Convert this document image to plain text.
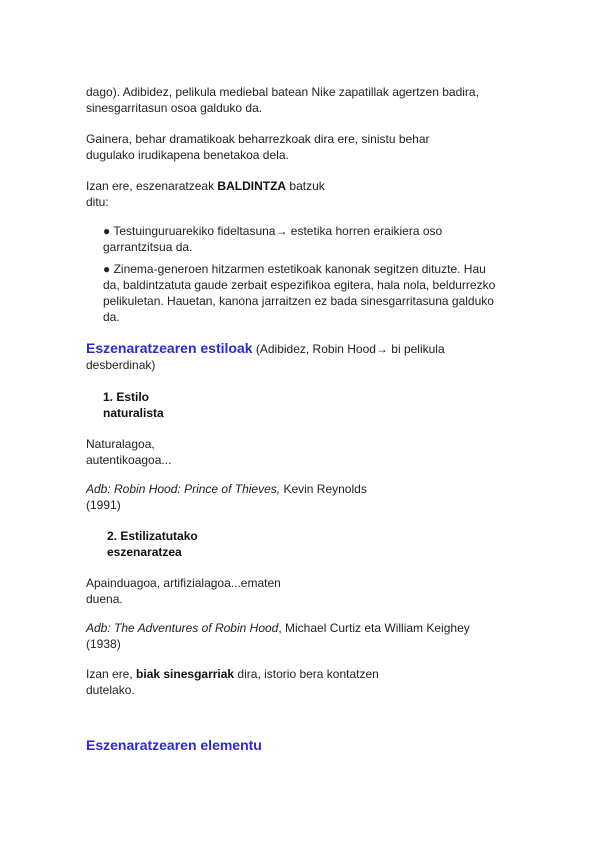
dago). Adibidez, pelikula mediebal batean Nike zapatillak agertzen badira,
sinesgarritasun osoa galduko da.

Gainera, behar dramatikoak beharrezkoak dira ere, sinistu behar
dugulako irudikapena benetakoa dela.

Izan ere, eszenaratzeak BALDINTZA batzuk
ditu:

● Testuinguruarekiko fideltasuna→ estetika horren eraikiera oso
garrantzitsua da.
● Zinema-generoen hitzarmen estetikoak kanonak segitzen dituzte. Hau
da, baldintzatuta gaude zerbait espezifikoa egitera, hala nola, beldurrezko
pelikuletan. Hauetan, kanona jarraitzen ez bada sinesgarritasuna galduko
da.

Eszenaratzearen estiloak (Adibidez, Robin Hood→ bi pelikula
desberdinak)

1. Estilo
naturalista

Naturalagoa,
autentikoagoa...

Adb: Robin Hood: Prince of Thieves, Kevin Reynolds
(1991)

2. Estilizatutako
eszenaratzea

Apainduagoa, artifizialagoa...ematen
duena.

Adb: The Adventures of Robin Hood, Michael Curtiz eta William Keighey
(1938)

Izan ere, biak sinesgarriak dira, istorio bera kontatzen
dutelako.

Eszenaratzearen elementu
